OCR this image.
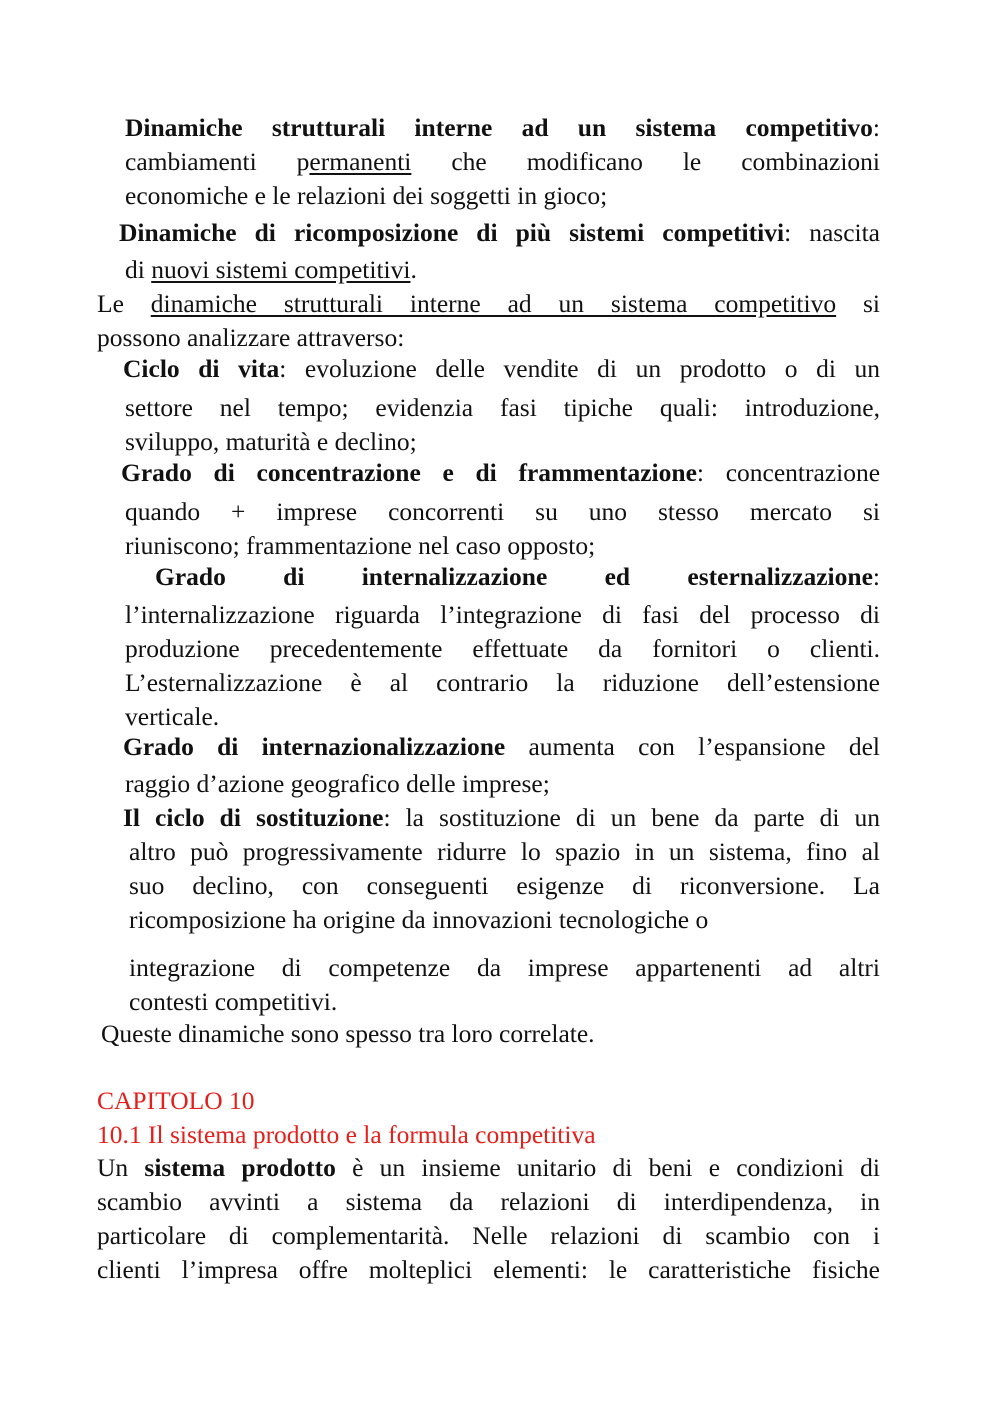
Dinamiche strutturali interne ad un sistema competitivo:
cambiamenti permanenti che modificano le combinazioni
economiche e le relazioni dei soggetti in gioco;
Dinamiche di ricomposizione di più sistemi competitivi: nascita
di nuovi sistemi competitivi.
Le dinamiche strutturali interne ad un sistema competitivo si
possono analizzare attraverso:
Ciclo di vita: evoluzione delle vendite di un prodotto o di un
settore nel tempo; evidenzia fasi tipiche quali: introduzione,
sviluppo, maturità e declino;
Grado di concentrazione e di frammentazione: concentrazione
quando + imprese concorrenti su uno stesso mercato si
riuniscono; frammentazione nel caso opposto;
Grado di internalizzazione ed esternalizzazione:
l’internalizzazione riguarda l’integrazione di fasi del processo di
produzione precedentemente effettuate da fornitori o clienti.
L’esternalizzazione è al contrario la riduzione dell’estensione
verticale.
Grado di internazionalizzazione aumenta con l’espansione del
raggio d’azione geografico delle imprese;
Il ciclo di sostituzione: la sostituzione di un bene da parte di un
altro può progressivamente ridurre lo spazio in un sistema, fino al
suo declino, con conseguenti esigenze di riconversione. La
ricomposizione ha origine da innovazioni tecnologiche o
integrazione di competenze da imprese appartenenti ad altri
contesti competitivi.
Queste dinamiche sono spesso tra loro correlate.
CAPITOLO 10
10.1 Il sistema prodotto e la formula competitiva
Un sistema prodotto è un insieme unitario di beni e condizioni di
scambio avvinti a sistema da relazioni di interdipendenza, in
particolare di complementarità. Nelle relazioni di scambio con i
clienti l’impresa offre molteplici elementi: le caratteristiche fisiche
